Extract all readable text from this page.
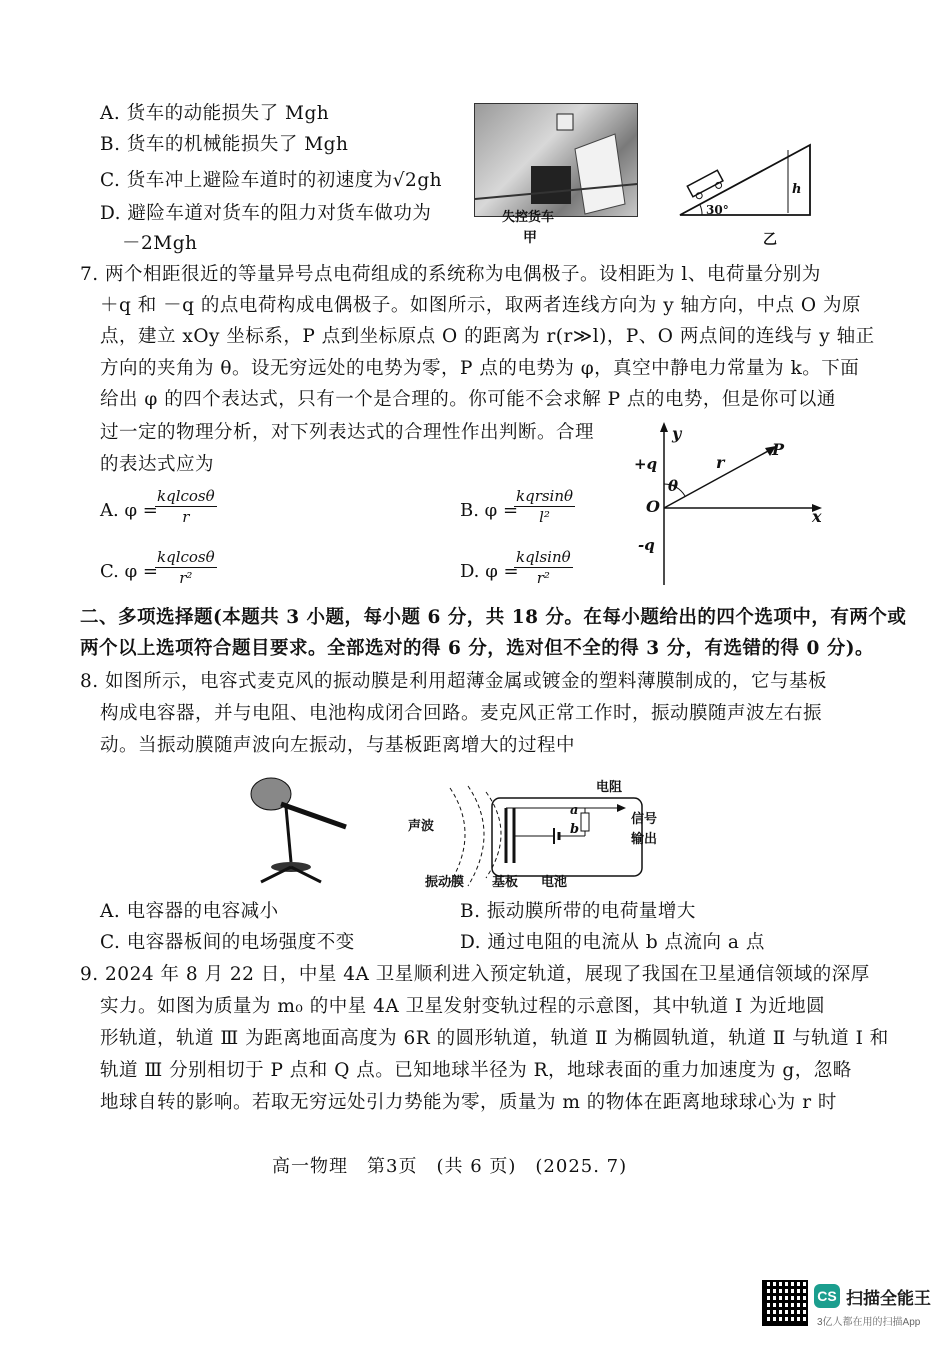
A. 货车的动能损失了 Mgh
B. 货车的机械能损失了 Mgh
C. 货车冲上避险车道时的初速度为√2gh
D. 避险车道对货车的阻力对货车做功为
－2Mgh
失控货车
甲
30°
h
乙
7. 两个相距很近的等量异号点电荷组成的系统称为电偶极子。设相距为 l、电荷量分别为
＋q 和 －q 的点电荷构成电偶极子。如图所示，取两者连线方向为 y 轴方向，中点 O 为原
点，建立 xOy 坐标系，P 点到坐标原点 O 的距离为 r(r≫l)，P、O 两点间的连线与 y 轴正
方向的夹角为 θ。设无穷远处的电势为零，P 点的电势为 φ，真空中静电力常量为 k。下面
给出 φ 的四个表达式，只有一个是合理的。你可能不会求解 P 点的电势，但是你可以通
过一定的物理分析，对下列表达式的合理性作出判断。合理
的表达式应为
A. φ =
kqlcosθ
r	B. φ =
kqrsinθ
l²
C. φ =
kqlcosθ
r²	D. φ =
kqlsinθ
r²
y
x
P
r
θ
O
+q
-q
二、多项选择题(本题共 3 小题，每小题 6 分，共 18 分。在每小题给出的四个选项中，有两个或
两个以上选项符合题目要求。全部选对的得 6 分，选对但不全的得 3 分，有选错的得 0 分)。
8. 如图所示，电容式麦克风的振动膜是利用超薄金属或镀金的塑料薄膜制成的，它与基板
构成电容器，并与电阻、电池构成闭合回路。麦克风正常工作时，振动膜随声波左右振
动。当振动膜随声波向左振动，与基板距离增大的过程中
电阻
信号
输出
声波
a
b
振动膜 基板 电池
A. 电容器的电容减小	B. 振动膜所带的电荷量增大
C. 电容器板间的电场强度不变	D. 通过电阻的电流从 b 点流向 a 点
9. 2024 年 8 月 22 日，中星 4A 卫星顺利进入预定轨道，展现了我国在卫星通信领域的深厚
实力。如图为质量为 m₀ 的中星 4A 卫星发射变轨过程的示意图，其中轨道 Ⅰ 为近地圆
形轨道，轨道 Ⅲ 为距离地面高度为 6R 的圆形轨道，轨道 Ⅱ 为椭圆轨道，轨道 Ⅱ 与轨道 Ⅰ 和
轨道 Ⅲ 分别相切于 P 点和 Q 点。已知地球半径为 R，地球表面的重力加速度为 g，忽略
地球自转的影响。若取无穷远处引力势能为零，质量为 m 的物体在距离地球球心为 r 时
高一物理　第3页　(共 6 页)　(2025. 7)
CS 扫描全能王
3亿人都在用的扫描App
